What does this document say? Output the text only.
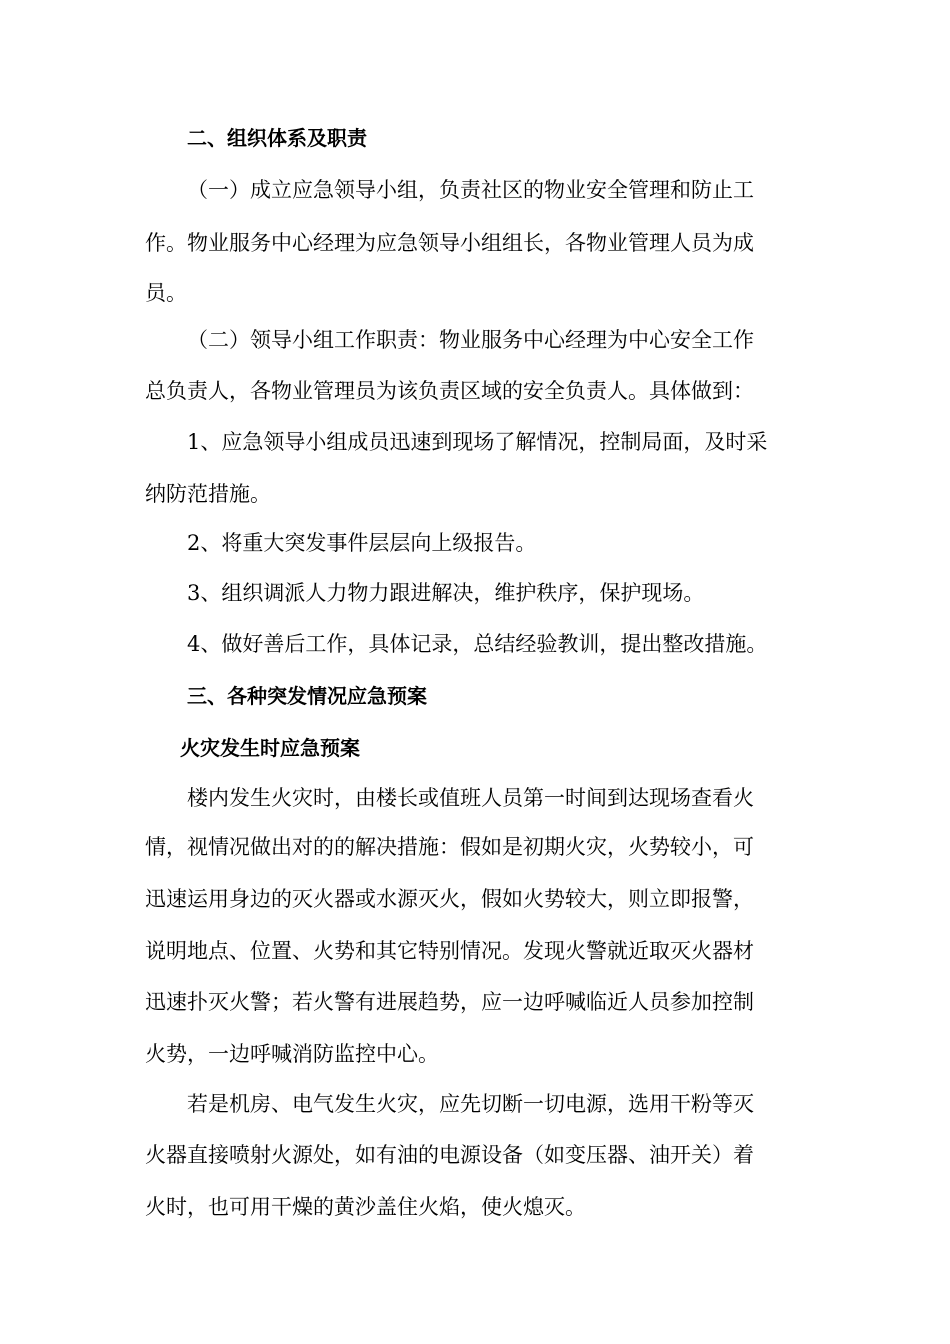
二、组织体系及职责
（一）成立应急领导小组，负责社区的物业安全管理和防止工
作。物业服务中心经理为应急领导小组组长，各物业管理人员为成
员。
（二）领导小组工作职责：物业服务中心经理为中心安全工作
总负责人，各物业管理员为该负责区域的安全负责人。具体做到：
1、应急领导小组成员迅速到现场了解情况，控制局面，及时采
纳防范措施。
2、将重大突发事件层层向上级报告。
3、组织调派人力物力跟进解决，维护秩序，保护现场。
4、做好善后工作，具体记录，总结经验教训，提出整改措施。
三、各种突发情况应急预案
火灾发生时应急预案
楼内发生火灾时，由楼长或值班人员第一时间到达现场查看火
情，视情况做出对的的解决措施：假如是初期火灾，火势较小，可
迅速运用身边的灭火器或水源灭火，假如火势较大，则立即报警，
说明地点、位置、火势和其它特别情况。发现火警就近取灭火器材
迅速扑灭火警；若火警有进展趋势，应一边呼喊临近人员参加控制
火势，一边呼喊消防监控中心。
若是机房、电气发生火灾，应先切断一切电源，选用干粉等灭
火器直接喷射火源处，如有油的电源设备（如变压器、油开关）着
火时，也可用干燥的黄沙盖住火焰，使火熄灭。
